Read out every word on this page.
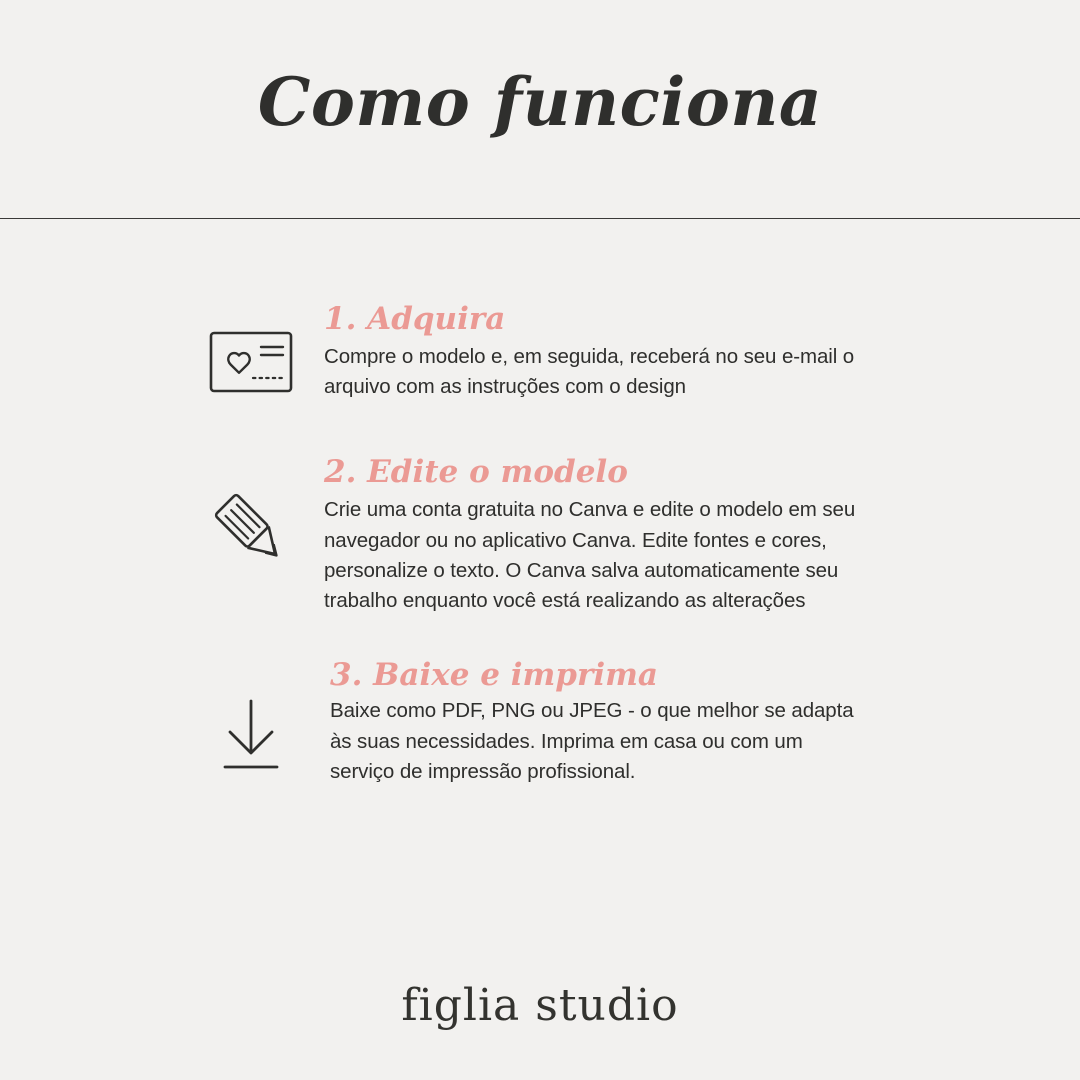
Como funciona
1. Adquira

Compre o modelo e, em seguida, receberá no seu e-mail o arquivo com as instruções com o design

2. Edite o modelo

Crie uma conta gratuita no Canva e edite o modelo em seu navegador ou no aplicativo Canva. Edite fontes e cores, personalize o texto. O Canva salva automaticamente seu trabalho enquanto você está realizando as alterações

3. Baixe e imprima

Baixe como PDF, PNG ou JPEG - o que melhor se adapta às suas necessidades. Imprima em casa ou com um serviço de impressão profissional.

figlia studio
